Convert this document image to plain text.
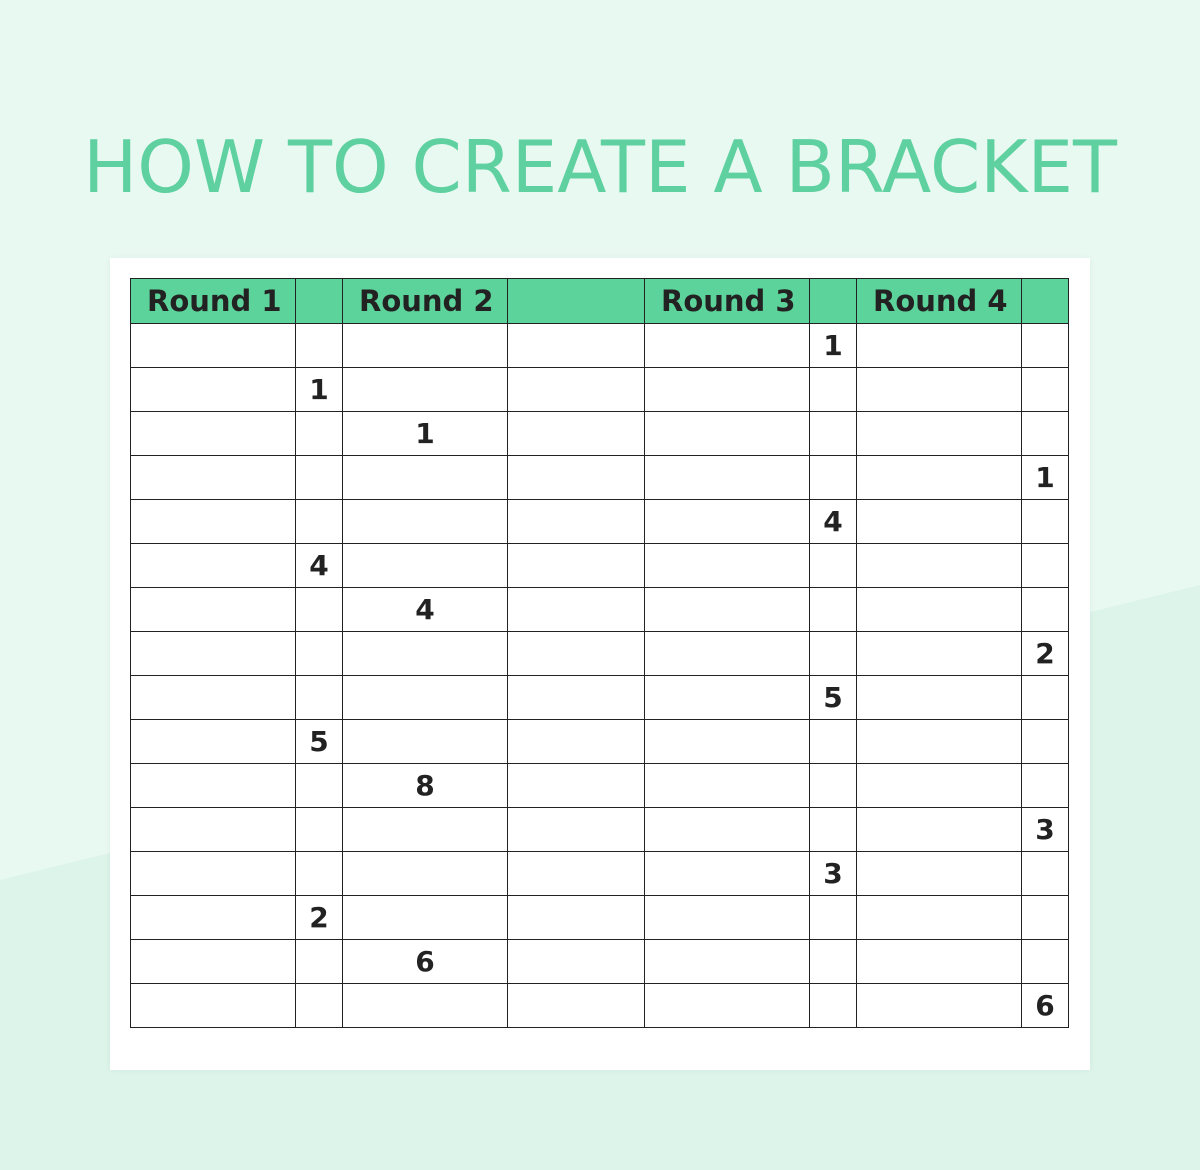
HOW TO CREATE A BRACKET
Round 1		Round 2		Round 3		Round 4	
					1		
	1						
		1					
							1
					4		
	4						
		4					
							2
					5		
	5						
		8					
							3
					3		
	2						
		6					
							6
